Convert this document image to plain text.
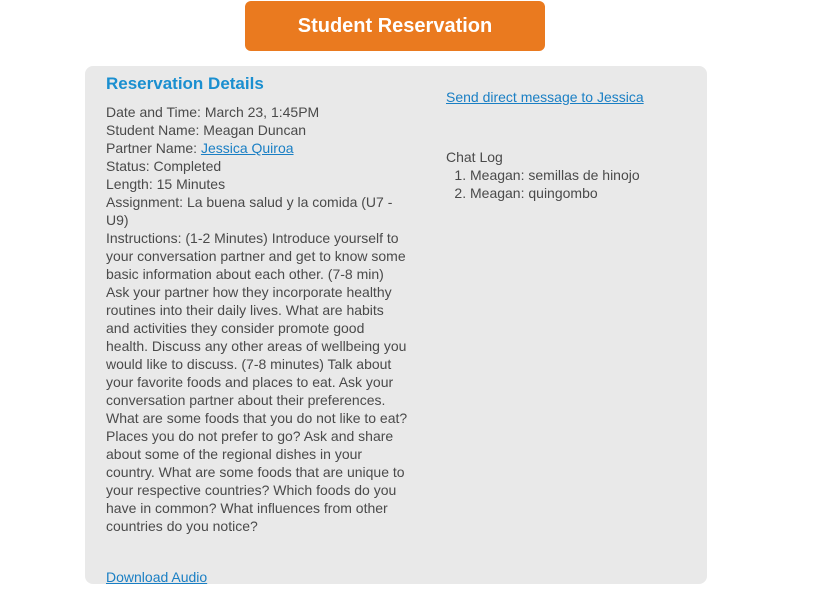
Student Reservation
Reservation Details

Date and Time: March 23, 1:45PM

Student Name: Meagan Duncan

Partner Name: Jessica Quiroa

Status: Completed

Length: 15 Minutes

Assignment: La buena salud y la comida (U7 - U9)

Instructions: (1-2 Minutes) Introduce yourself to your conversation partner and get to know some basic information about each other. (7-8 min) Ask your partner how they incorporate healthy routines into their daily lives. What are habits and activities they consider promote good health. Discuss any other areas of wellbeing you would like to discuss. (7-8 minutes) Talk about your favorite foods and places to eat. Ask your conversation partner about their preferences. What are some foods that you do not like to eat? Places you do not prefer to go? Ask and share about some of the regional dishes in your country. What are some foods that are unique to your respective countries? Which foods do you have in common? What influences from other countries do you notice?

Download Audio
Send direct message to Jessica
Chat Log
1. Meagan: semillas de hinojo
2. Meagan: quingombo
